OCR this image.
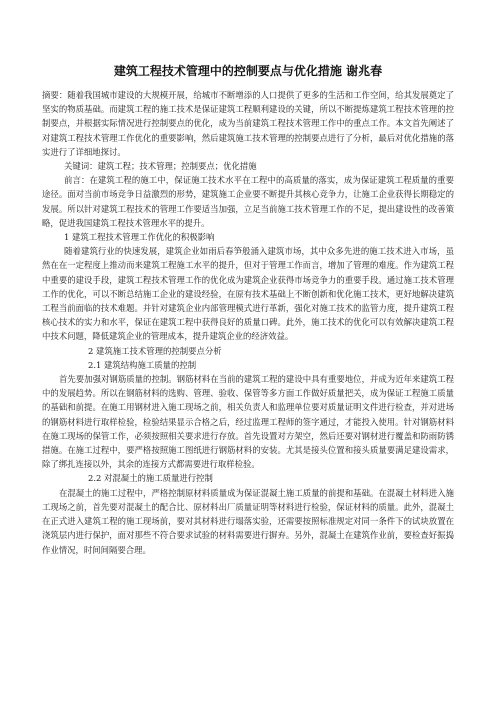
建筑工程技术管理中的控制要点与优化措施 谢兆春

摘要：随着我国城市建设的大规模开展，给城市不断增添的人口提供了更多的生活和工作空间，给其发展奠定了坚实的物质基础。而建筑工程的施工技术是保证建筑工程顺利建设的关键，所以不断提炼建筑工程技术管理的控制要点，并根据实际情况进行控制要点的优化，成为当前建筑工程技术管理工作中的重点工作。本文首先阐述了对建筑工程技术管理工作优化的重要影响，然后建筑施工技术管理的控制要点进行了分析，最后对优化措施的落实进行了详细地探讨。

关键词：建筑工程；技术管理；控制要点；优化措施

前言：在建筑工程的施工中，保证施工技术水平在工程中的高质量的落实，成为保证建筑工程质量的重要途径。面对当前市场竞争日益激烈的形势，建筑施工企业要不断提升其核心竞争力，让施工企业获得长期稳定的发展。所以针对建筑工程技术的管理工作要适当加强，立足当前施工技术管理工作的不足，提出建设性的改善策略，促进我国建筑工程技术管理水平的提升。

1 建筑工程技术管理工作优化的积极影响

随着建筑行业的快速发展，建筑企业如雨后春笋般涌入建筑市场，其中众多先进的施工技术进入市场，虽然在在一定程度上推动而来建筑工程施工水平的提升，但对于管理工作而言，增加了管理的难度。作为建筑工程中重要的建设手段，建筑工程技术管理工作的优化成为建筑企业获得市场竞争力的重要手段。通过施工技术管理工作的优化，可以不断总结施工企业的建设经验，在原有技术基础上不断创新和优化施工技术，更好地解决建筑工程当前面临的技术难题。并针对建筑企业内部管理模式进行革新，强化对施工技术的监管力度，提升建筑工程核心技术的实力和水平，保证在建筑工程中获得良好的质量口碑。此外，施工技术的优化可以有效解决建筑工程中技术问题，降低建筑企业的管理成本，提升建筑企业的经济效益。

2 建筑施工技术管理的控制要点分析

2.1 建筑结构施工质量的控制

首先要加强对钢筋质量的控制。钢筋材料在当前的建筑工程的建设中具有重要地位，并成为近年来建筑工程中的发展趋势。所以在钢筋材料的选购、管理、验收、保管等多方面工作做好质量把关，成为保证工程施工质量的基础和前提。在施工用钢材进入施工现场之前，相关负责人和监理单位要对质量证明文件进行检查，并对进场的钢筋材料进行取样检验，检验结果显示合格之后，经过监理工程师的签字通过，才能投入使用。针对钢筋材料在施工现场的保管工作，必须按照相关要求进行存放。首先设置对方架空，然后还要对钢材进行覆盖和防雨防锈措施。在施工过程中，要严格按照施工图纸进行钢筋材料的安装。尤其是接头位置和接头质量要满足建设需求，除了绑扎连接以外，其余的连接方式都需要进行取样检验。

2.2 对混凝土的施工质量进行控制

在混凝土的施工过程中，严格控制原材料质量成为保证混凝土施工质量的前提和基础。在混凝土材料进入施工现场之前，首先要对混凝土的配合比、原材料出厂质量证明等材料进行检验，保证材料的质量。此外，混凝土在正式进入建筑工程的施工现场前，要对其材料进行塌落实验，还需要按照标准规定对同一条件下的试块放置在浇筑层内进行保护，面对那些不符合要求试验的材料需要进行摒弃。另外，混凝土在建筑作业前，要检查好振捣作业情况，时间间隔要合理。
